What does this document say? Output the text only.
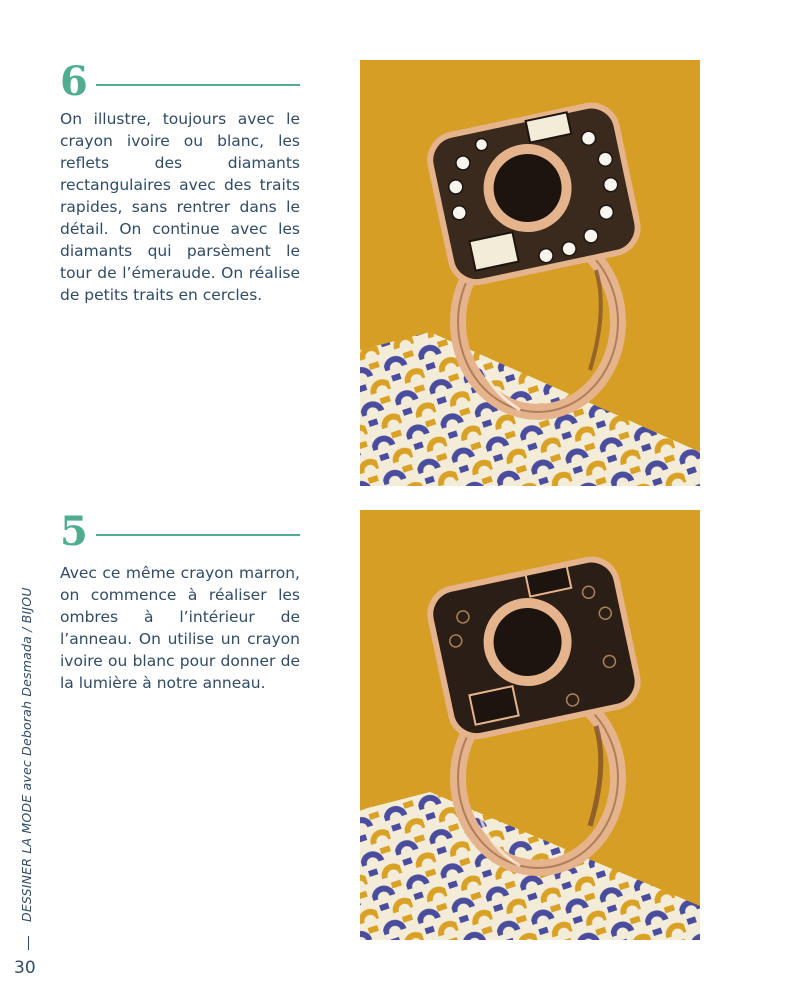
6

On illustre, toujours avec le crayon ivoire ou blanc, les reflets des diamants rectangulaires avec des traits rapides, sans rentrer dans le détail. On continue avec les diamants qui parsèment le tour de l’émeraude. On réalise de petits traits en cercles.

5

Avec ce même crayon marron, on commence à réaliser les ombres à l’intérieur de l’anneau. On utilise un crayon ivoire ou blanc pour donner de la lumière à notre anneau.

DESSINER LA MODE avec Deborah Desmada / BIJOU
30
